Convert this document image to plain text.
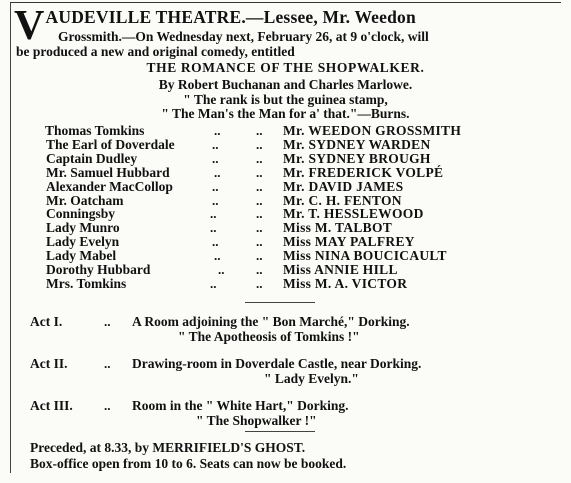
VAUDEVILLE THEATRE.—Lessee, Mr. Weedon
Grossmith.—On Wednesday next, February 26, at 9 o'clock, will
be produced a new and original comedy, entitled
THE ROMANCE OF THE SHOPWALKER.
By Robert Buchanan and Charles Marlowe.
" The rank is but the guinea stamp,
" The Man's the Man for a' that."—Burns.
Thomas Tomkins	..	.. Mr. WEEDON GROSSMITH
The Earl of Doverdale	..	.. Mr. SYDNEY WARDEN
Captain Dudley	..	.. Mr. SYDNEY BROUGH
Mr. Samuel Hubbard	..	.. Mr. FREDERICK VOLPÉ
Alexander MacCollop	..	.. Mr. DAVID JAMES
Mr. Oatcham	..	.. Mr. C. H. FENTON
Conningsby	..	.. Mr. T. HESSLEWOOD
Lady Munro	..	.. Miss M. TALBOT
Lady Evelyn	..	.. Miss MAY PALFREY
Lady Mabel	..	.. Miss NINA BOUCICAULT
Dorothy Hubbard	.. .. Miss ANNIE HILL
Mrs. Tomkins	..	.. Miss M. A. VICTOR
Act I.	.. A Room adjoining the " Bon Marché," Dorking.
" The Apotheosis of Tomkins !"
Act II.	.. Drawing-room in Doverdale Castle, near Dorking.
" Lady Evelyn."
Act III. .. Room in the " White Hart," Dorking.
" The Shopwalker !"
Preceded, at 8.33, by MERRIFIELD'S GHOST.
Box-office open from 10 to 6. Seats can now be booked.
